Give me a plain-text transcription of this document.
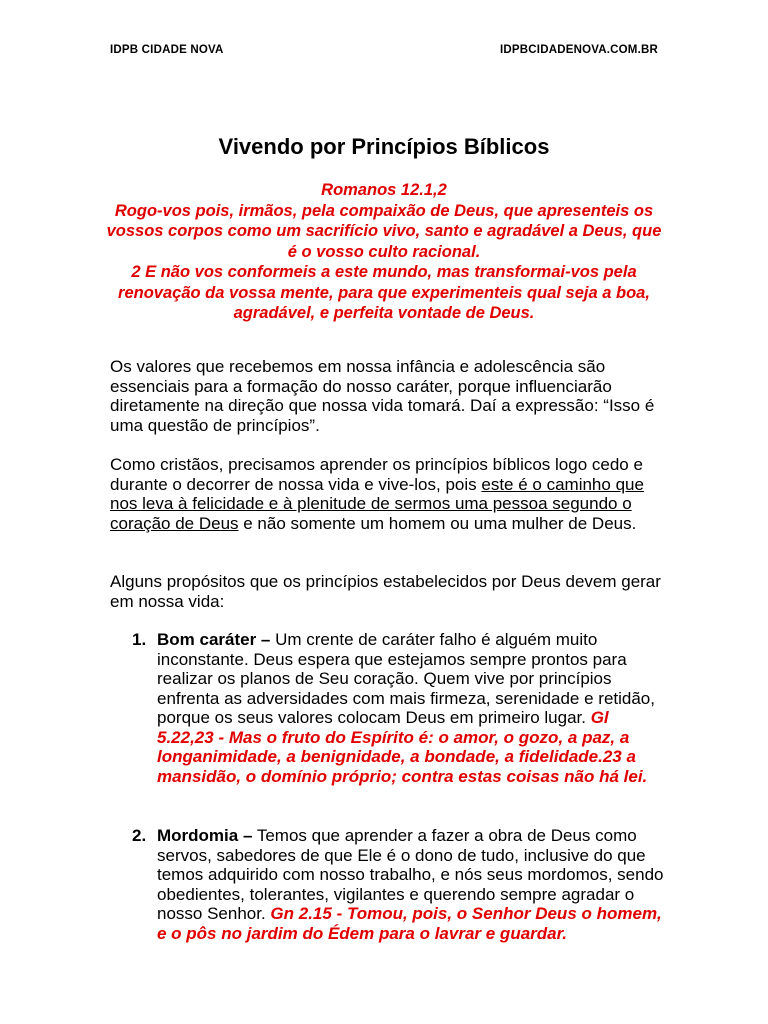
IDPB CIDADE NOVA	IDPBCIDADENOVA.COM.BR
Vivendo por Princípios Bíblicos
Romanos 12.1,2
Rogo-vos pois, irmãos, pela compaixão de Deus, que apresenteis os vossos corpos como um sacrifício vivo, santo e agradável a Deus, que é o vosso culto racional.
2 E não vos conformeis a este mundo, mas transformai-vos pela renovação da vossa mente, para que experimenteis qual seja a boa, agradável, e perfeita vontade de Deus.
Os valores que recebemos em nossa infância e adolescência são essenciais para a formação do nosso caráter, porque influenciarão diretamente na direção que nossa vida tomará. Daí a expressão: “Isso é uma questão de princípios”.
Como cristãos, precisamos aprender os princípios bíblicos logo cedo e durante o decorrer de nossa vida e vive-los, pois este é o caminho que nos leva à felicidade e à plenitude de sermos uma pessoa segundo o coração de Deus e não somente um homem ou uma mulher de Deus.
Alguns propósitos que os princípios estabelecidos por Deus devem gerar em nossa vida:
1. Bom caráter – Um crente de caráter falho é alguém muito inconstante. Deus espera que estejamos sempre prontos para realizar os planos de Seu coração. Quem vive por princípios enfrenta as adversidades com mais firmeza, serenidade e retidão, porque os seus valores colocam Deus em primeiro lugar. Gl 5.22,23 - Mas o fruto do Espírito é: o amor, o gozo, a paz, a longanimidade, a benignidade, a bondade, a fidelidade.23 a mansidão, o domínio próprio; contra estas coisas não há lei.
2. Mordomia – Temos que aprender a fazer a obra de Deus como servos, sabedores de que Ele é o dono de tudo, inclusive do que temos adquirido com nosso trabalho, e nós seus mordomos, sendo obedientes, tolerantes, vigilantes e querendo sempre agradar o nosso Senhor. Gn 2.15 - Tomou, pois, o Senhor Deus o homem, e o pôs no jardim do Édem para o lavrar e guardar.
